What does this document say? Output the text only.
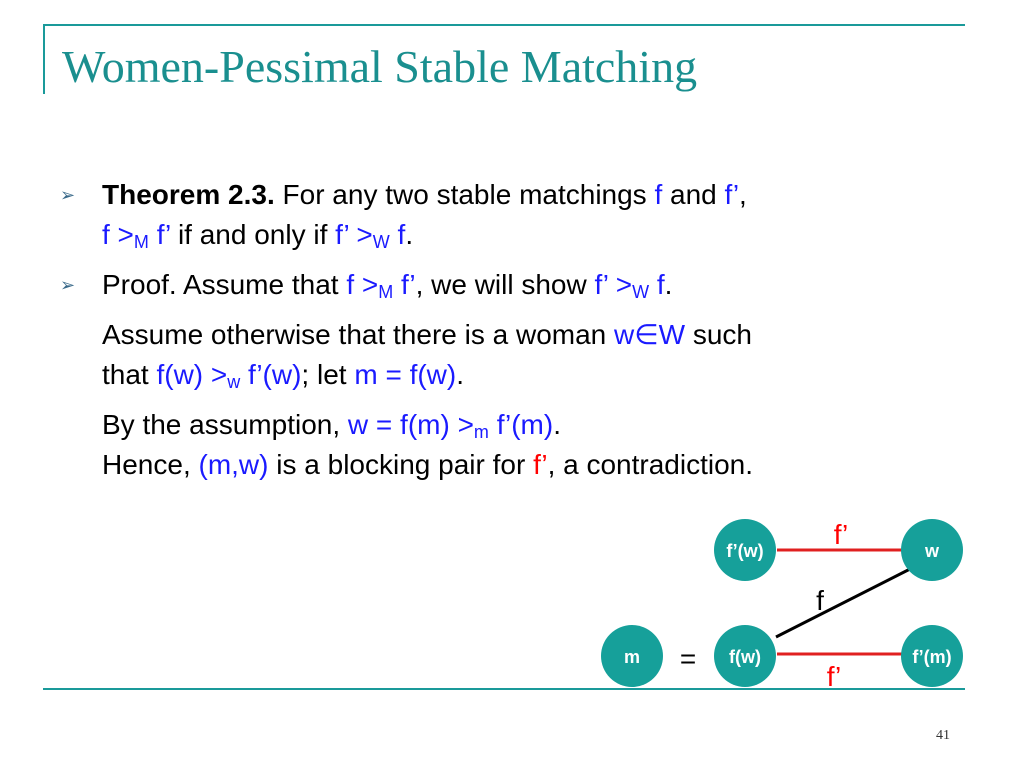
Women-Pessimal Stable Matching
➢ Theorem 2.3. For any two stable matchings f and f’,
$f >_M$ f’ if and only if f’ $>_W$ f.
➢ Proof. Assume that $f >_M$ f’, we will show f’ $>_W$ f.
Assume otherwise that there is a woman w∈W such
that $f(w) >_w$ f’(w); let m = f(w).
By the assumption, $w = f(m) >_m$ f’(m).
Hence, (m,w) is a blocking pair for f’, a contradiction.
f’(w)	w
m	f(w)	f’(m)
f’
f
f’
=
41
